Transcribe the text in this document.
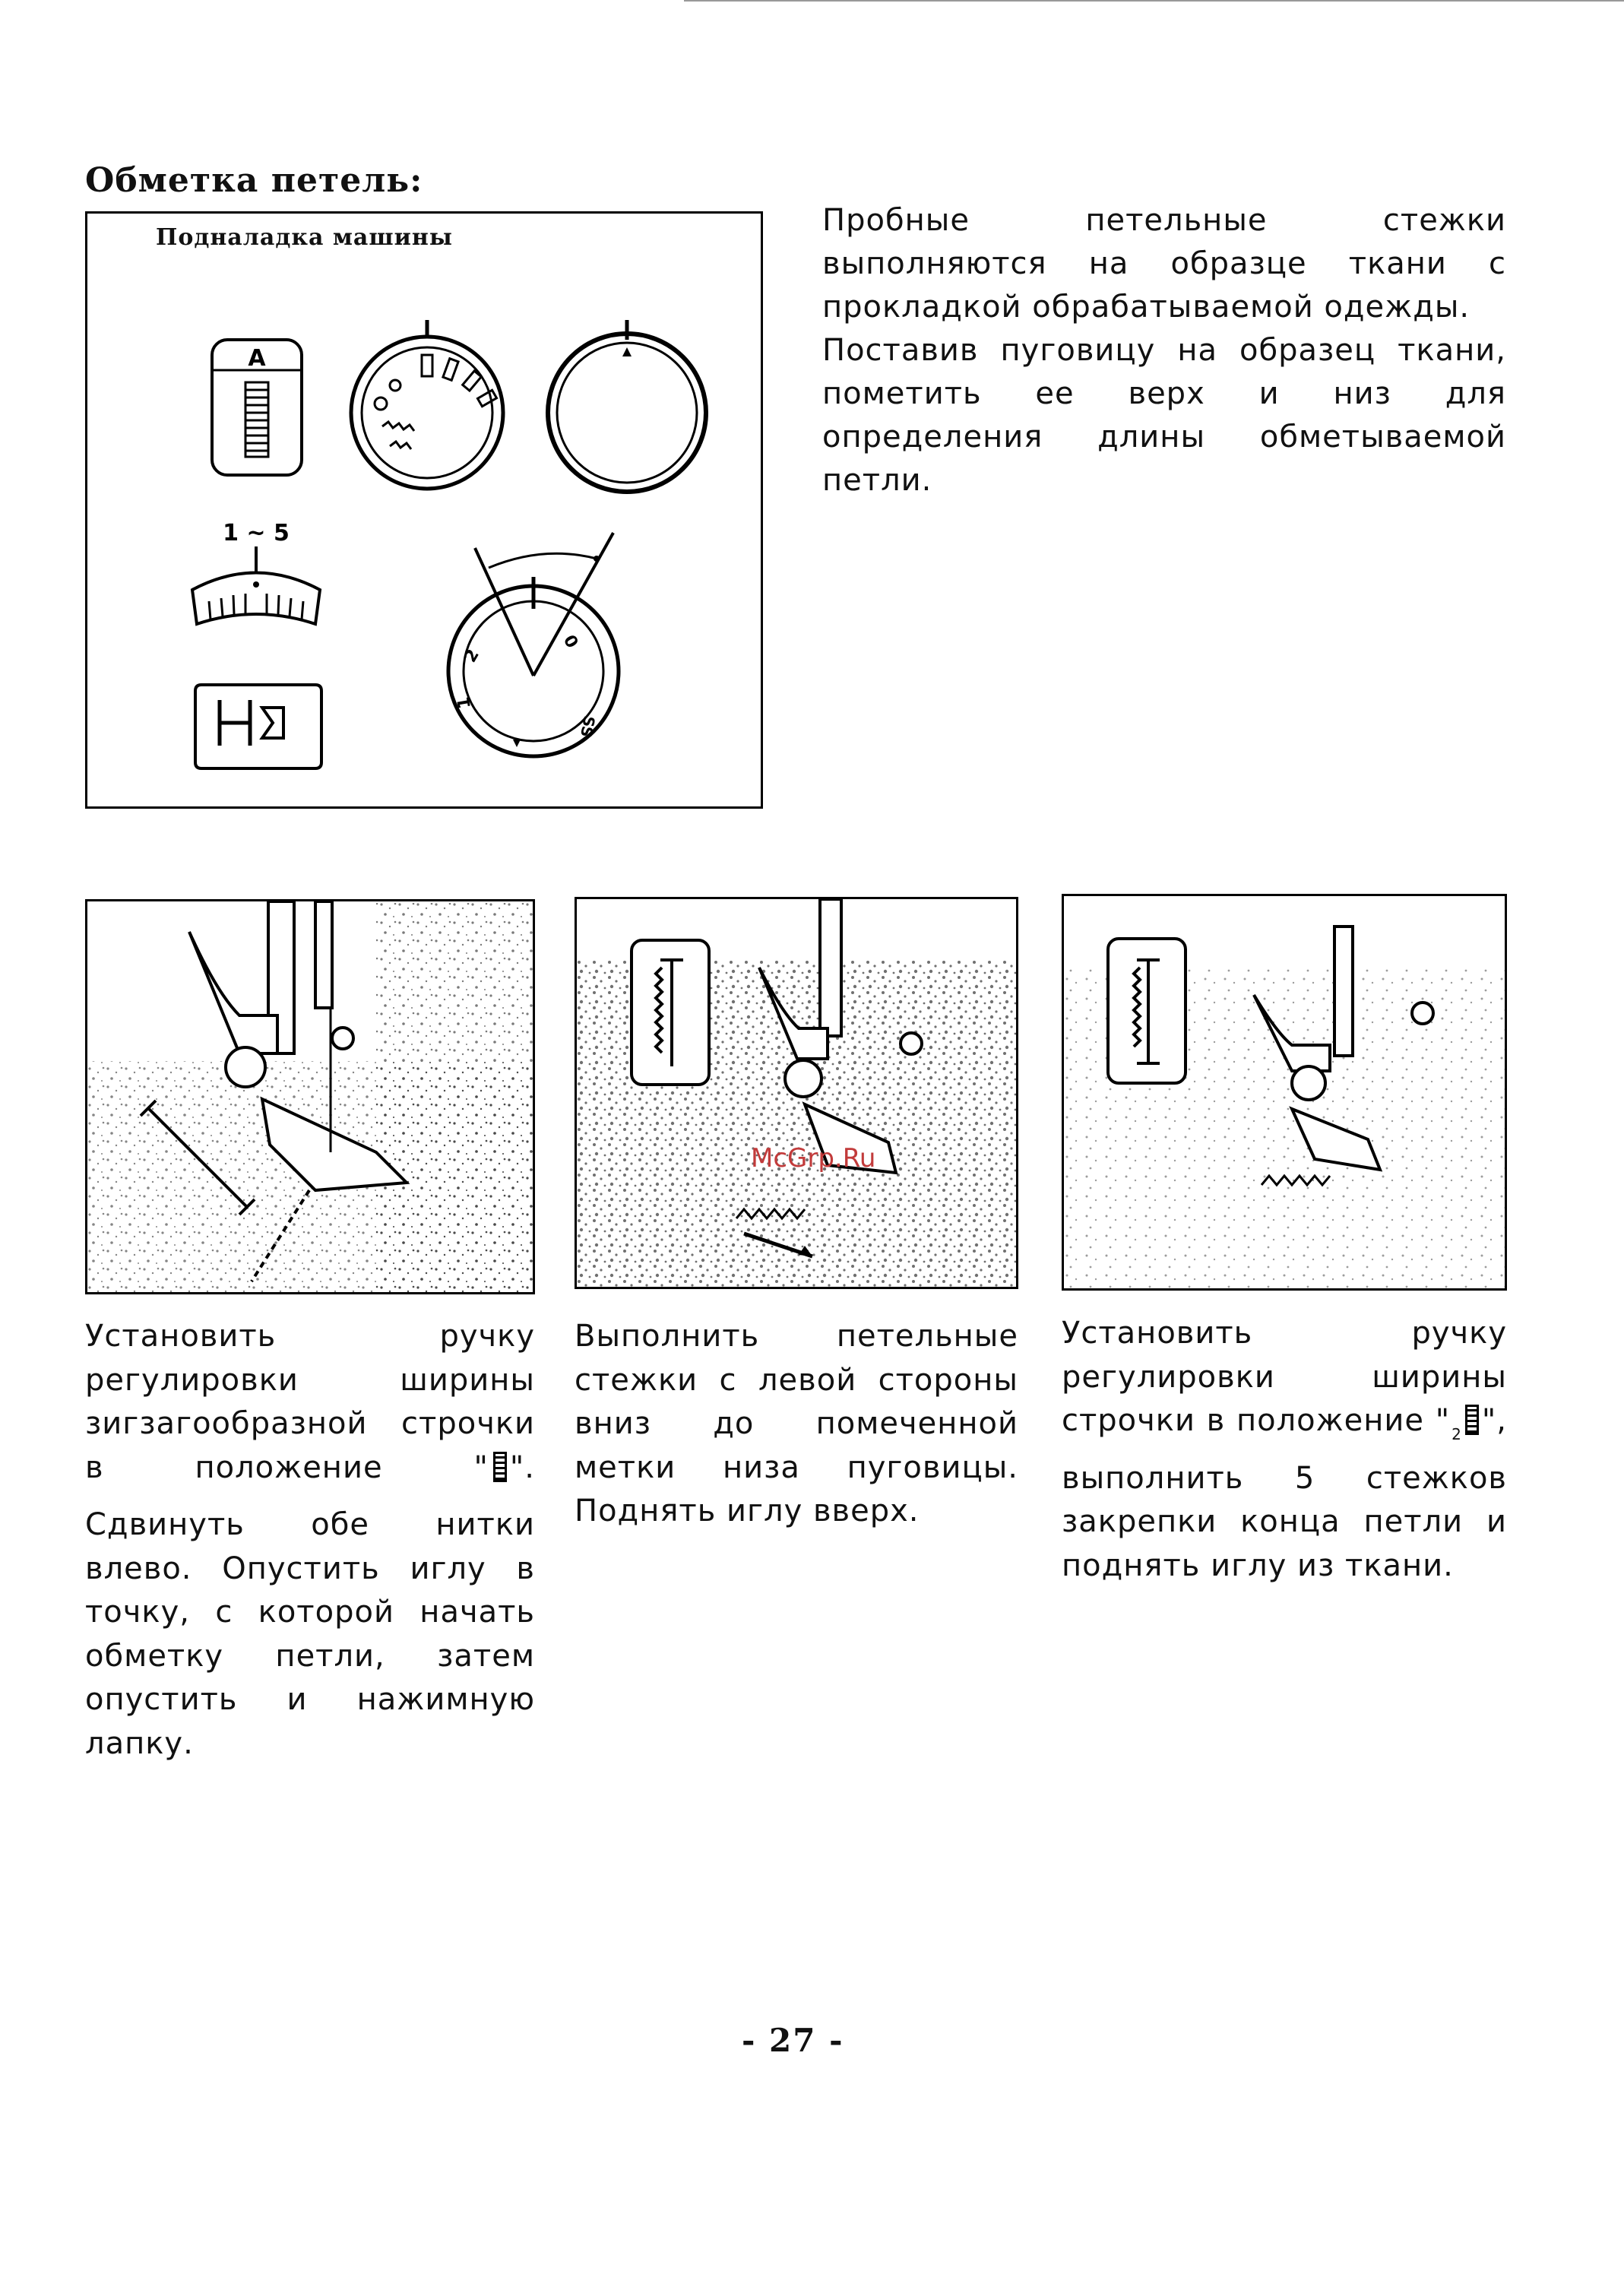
Обметка петель:
Подналадка машины
A
1 ~ 5
0
2
1
SS

Пробные петельные стежки выполняются на образце ткани с прокладкой обрабатываемой одежды.

Поставив пуговицу на образец ткани, пометить ее верх и низ для определения длины обметываемой петли.

McGrp.Ru
Установить ручку регулировки ширины зигзагообразной строчки в положение " ". Сдвинуть обе нитки влево. Опустить иглу в точку, с которой начать обметку петли, затем опустить и нажимную лапку.
Выполнить петельные стежки с левой стороны вниз до помеченной метки низа пуговицы. Поднять иглу вверх.
Установить ручку регулировки ширины строчки в положение " $_2$ ", выполнить 5 стежков закрепки конца петли и поднять иглу из ткани.
- 27 -
